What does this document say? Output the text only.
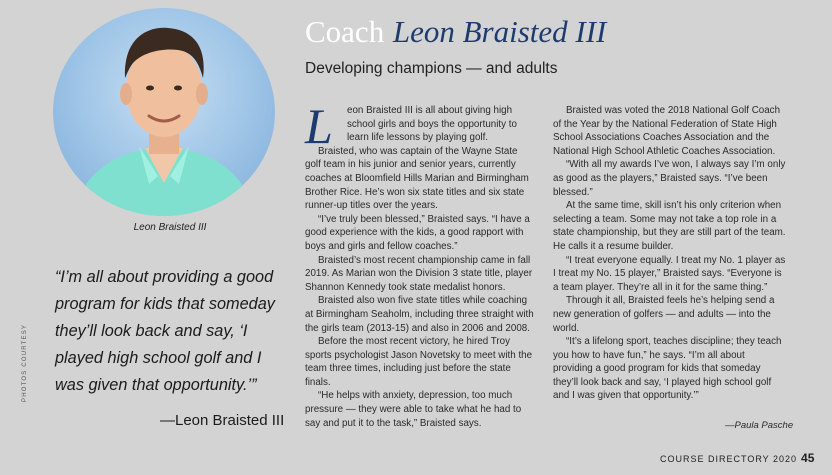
Leon Braisted III
“I’m all about providing a good program for kids that someday they’ll look back and say, ‘I played high school golf and I was given that opportunity.’”
—Leon Braisted III
PHOTOS COURTESY
Coach Leon Braisted III
Developing champions — and adults
L	eon Braisted III is all about giving high school girls and boys the opportunity to learn life lessons by playing golf.

Braisted, who was captain of the Wayne State golf team in his junior and senior years, currently coaches at Bloomfield Hills Marian and Birmingham Brother Rice. He’s won six state titles and six state runner-up titles over the years.

“I’ve truly been blessed,” Braisted says. “I have a good experience with the kids, a good rapport with boys and girls and fellow coaches.”

Braisted’s most recent championship came in fall 2019. As Marian won the Division 3 state title, player Shannon Kennedy took state medalist honors.

Braisted also won five state titles while coaching at Birmingham Seaholm, including three straight with the girls team (2013-15) and also in 2006 and 2008.

Before the most recent victory, he hired Troy sports psychologist Jason Novetsky to meet with the team three times, including just before the state finals.

“He helps with anxiety, depression, too much pressure — they were able to take what he had to say and put it to the task,” Braisted says.

Braisted was voted the 2018 National Golf Coach of the Year by the National Federation of State High School Associations Coaches Association and the National High School Athletic Coaches Association.

“With all my awards I’ve won, I always say I’m only as good as the players,” Braisted says. “I’ve been blessed.”

At the same time, skill isn’t his only criterion when selecting a team. Some may not take a top role in a state championship, but they are still part of the team. He calls it a resume builder.

“I treat everyone equally. I treat my No. 1 player as I treat my No. 15 player,” Braisted says. “Everyone is a team player. They’re all in it for the same thing.”

Through it all, Braisted feels he’s helping send a new generation of golfers — and adults — into the world.

“It’s a lifelong sport, teaches discipline; they teach you how to have fun,” he says. “I’m all about providing a good program for kids that someday they’ll look back and say, ‘I played high school golf and I was given that opportunity.’”

—Paula Pasche
COURSE DIRECTORY 2020 45
